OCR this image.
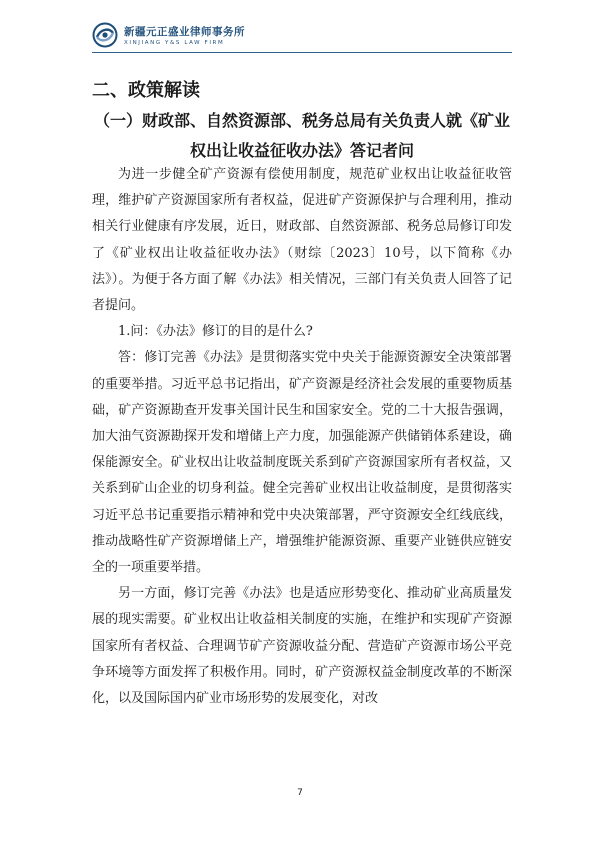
新疆元正盛业律师事务所
XINJIANG Y&S LAW FIRM
二、政策解读
（一）财政部、自然资源部、税务总局有关负责人就《矿业权出让收益征收办法》答记者问

为进一步健全矿产资源有偿使用制度，规范矿业权出让收益征收管理，维护矿产资源国家所有者权益，促进矿产资源保护与合理利用，推动相关行业健康有序发展，近日，财政部、自然资源部、税务总局修订印发了《矿业权出让收益征收办法》（财综〔2023〕10号，以下简称《办法》）。为便于各方面了解《办法》相关情况，三部门有关负责人回答了记者提问。

1.问：《办法》修订的目的是什么?

答：修订完善《办法》是贯彻落实党中央关于能源资源安全决策部署的重要举措。习近平总书记指出，矿产资源是经济社会发展的重要物质基础，矿产资源勘查开发事关国计民生和国家安全。党的二十大报告强调，加大油气资源勘探开发和增储上产力度，加强能源产供储销体系建设，确保能源安全。矿业权出让收益制度既关系到矿产资源国家所有者权益，又关系到矿山企业的切身利益。健全完善矿业权出让收益制度，是贯彻落实习近平总书记重要指示精神和党中央决策部署，严守资源安全红线底线，推动战略性矿产资源增储上产，增强维护能源资源、重要产业链供应链安全的一项重要举措。

另一方面，修订完善《办法》也是适应形势变化、推动矿业高质量发展的现实需要。矿业权出让收益相关制度的实施，在维护和实现矿产资源国家所有者权益、合理调节矿产资源收益分配、营造矿产资源市场公平竞争环境等方面发挥了积极作用。同时，矿产资源权益金制度改革的不断深化，以及国际国内矿业市场形势的发展变化，对改

7
